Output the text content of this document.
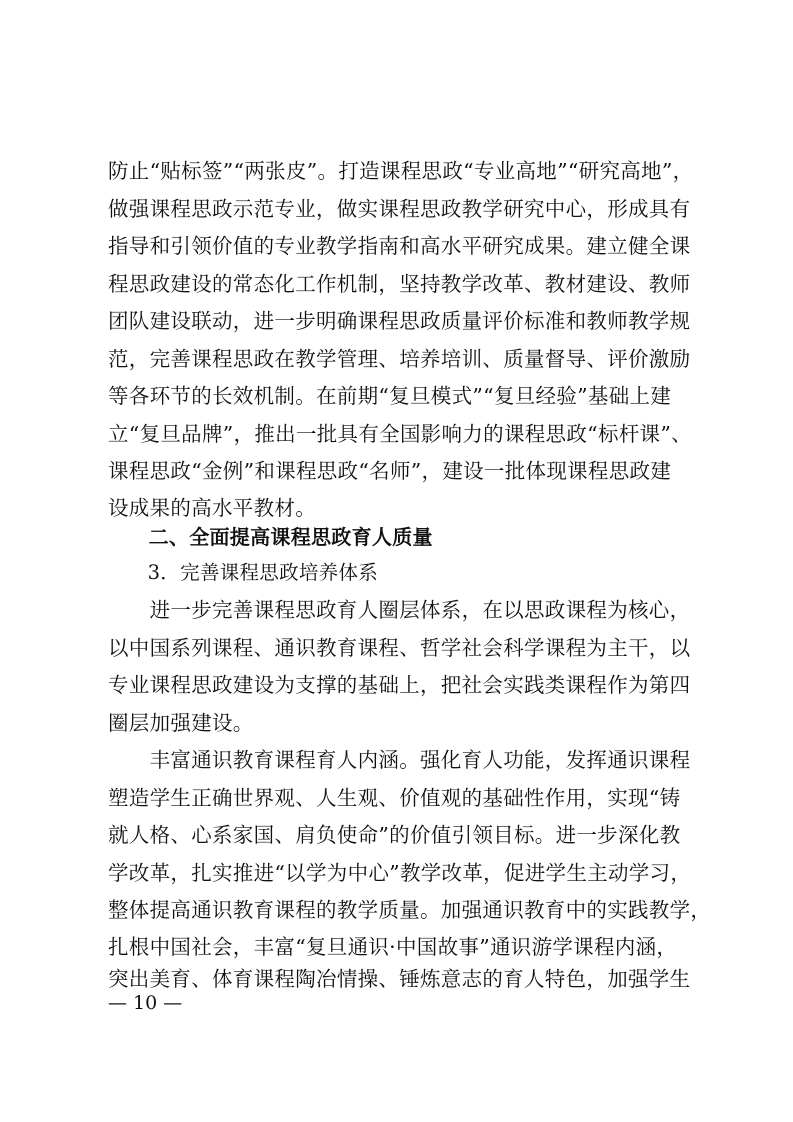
防止“贴标签”“两张皮”。打造课程思政“专业高地”“研究高地”，
做强课程思政示范专业，做实课程思政教学研究中心，形成具有
指导和引领价值的专业教学指南和高水平研究成果。建立健全课
程思政建设的常态化工作机制，坚持教学改革、教材建设、教师
团队建设联动，进一步明确课程思政质量评价标准和教师教学规
范，完善课程思政在教学管理、培养培训、质量督导、评价激励
等各环节的长效机制。在前期“复旦模式”“复旦经验”基础上建
立“复旦品牌”，推出一批具有全国影响力的课程思政“标杆课”、
课程思政“金例”和课程思政“名师”，建设一批体现课程思政建
设成果的高水平教材。
　　二、全面提高课程思政育人质量
　　3．完善课程思政培养体系
　　进一步完善课程思政育人圈层体系，在以思政课程为核心，
以中国系列课程、通识教育课程、哲学社会科学课程为主干，以
专业课程思政建设为支撑的基础上，把社会实践类课程作为第四
圈层加强建设。
　　丰富通识教育课程育人内涵。强化育人功能，发挥通识课程
塑造学生正确世界观、人生观、价值观的基础性作用，实现“铸
就人格、心系家国、肩负使命”的价值引领目标。进一步深化教
学改革，扎实推进“以学为中心”教学改革，促进学生主动学习，
整体提高通识教育课程的教学质量。加强通识教育中的实践教学，
扎根中国社会，丰富“复旦通识·中国故事”通识游学课程内涵，
突出美育、体育课程陶冶情操、锤炼意志的育人特色，加强学生
— 10 —
